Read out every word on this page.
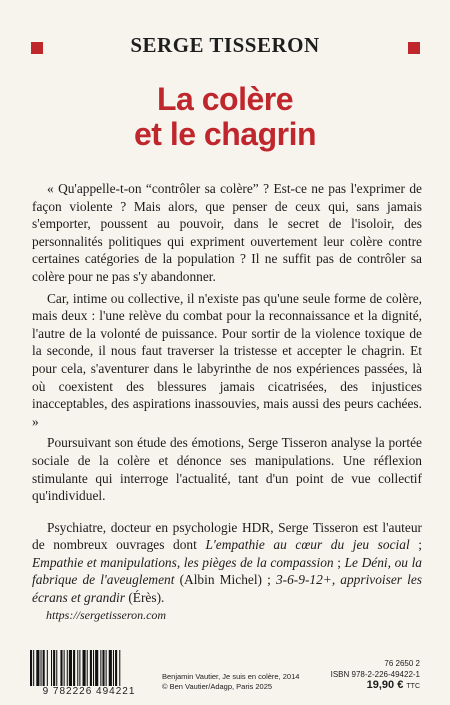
SERGE TISSERON
La colère
et le chagrin

« Qu'appelle-t-on “contrôler sa colère” ? Est-ce ne pas l'exprimer de façon violente ? Mais alors, que penser de ceux qui, sans jamais s'emporter, poussent au pouvoir, dans le secret de l'isoloir, des personnalités politiques qui expriment ouvertement leur colère contre certaines catégories de la population ? Il ne suffit pas de contrôler sa colère pour ne pas s'y abandonner.

Car, intime ou collective, il n'existe pas qu'une seule forme de colère, mais deux : l'une relève du combat pour la reconnaissance et la dignité, l'autre de la volonté de puissance. Pour sortir de la violence toxique de la seconde, il nous faut traverser la tristesse et accepter le chagrin. Et pour cela, s'aventurer dans le labyrinthe de nos expériences passées, là où coexistent des blessures jamais cicatrisées, des injustices inacceptables, des aspirations inassouvies, mais aussi des peurs cachées. »

Poursuivant son étude des émotions, Serge Tisseron analyse la portée sociale de la colère et dénonce ses manipulations. Une réflexion stimulante qui interroge l'actualité, tant d'un point de vue collectif qu'individuel.

Psychiatre, docteur en psychologie HDR, Serge Tisseron est l'auteur de nombreux ouvrages dont L'empathie au cœur du jeu social ; Empathie et manipulations, les pièges de la compassion ; Le Déni, ou la fabrique de l'aveuglement (Albin Michel) ; 3-6-9-12+, apprivoiser les écrans et grandir (Érès).

https://sergetisseron.com
9 782226 494221
Benjamin Vautier, Je suis en colère, 2014
© Ben Vautier/Adagp, Paris 2025
76 2650 2
ISBN 978-2-226-49422-1
19,90 € TTC
